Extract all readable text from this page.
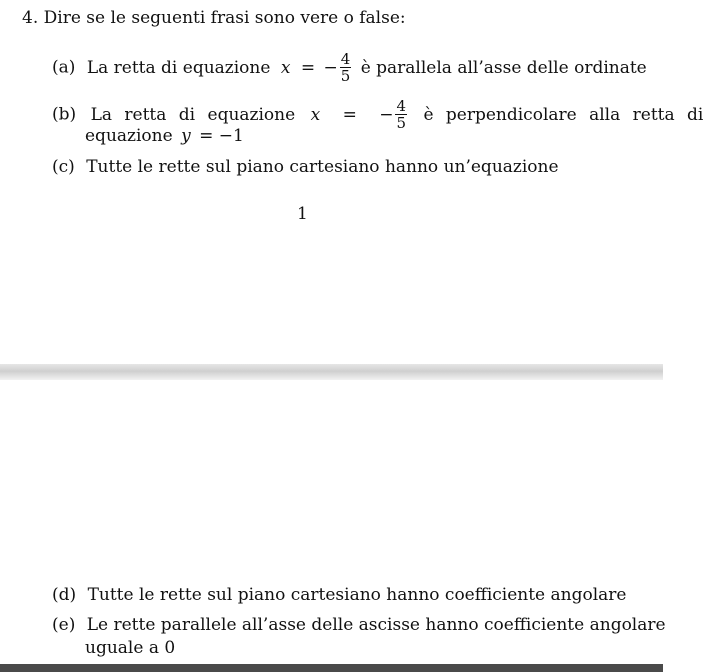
4. Dire se le seguenti frasi sono vere o false:
(a) La retta di equazione x = − $\frac{4}{5}$ è parallela all’asse delle ordinate
(b) La retta di equazione x = − $\frac{4}{5}$ è perpendicolare alla retta di
equazione y = −1
(c) Tutte le rette sul piano cartesiano hanno un’equazione
1
(d) Tutte le rette sul piano cartesiano hanno coefficiente angolare
(e) Le rette parallele all’asse delle ascisse hanno coefficiente angolare
uguale a 0
